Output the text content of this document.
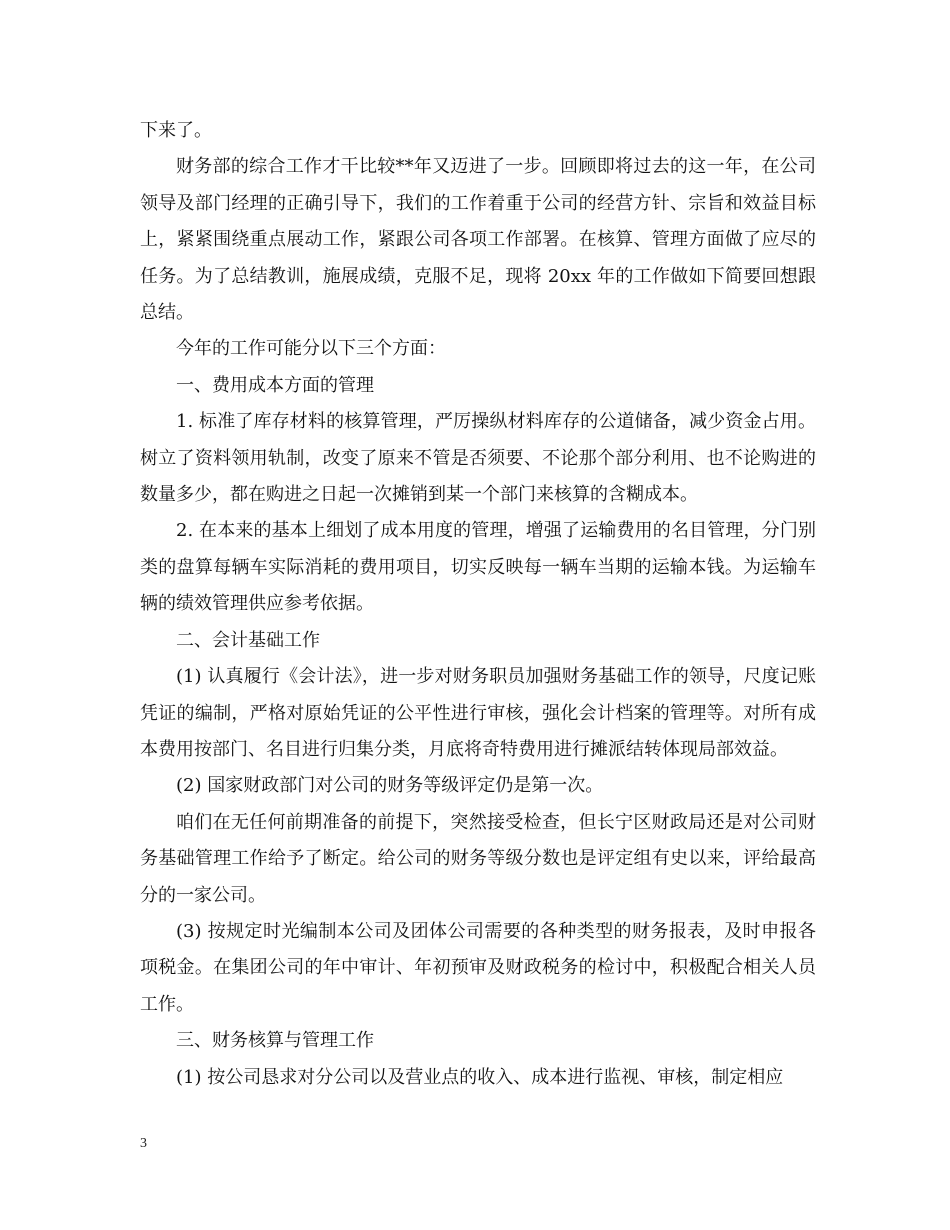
下来了。

财务部的综合工作才干比较**年又迈进了一步。回顾即将过去的这一年，在公司领导及部门经理的正确引导下，我们的工作着重于公司的经营方针、宗旨和效益目标上，紧紧围绕重点展动工作，紧跟公司各项工作部署。在核算、管理方面做了应尽的任务。为了总结教训，施展成绩，克服不足，现将 20xx 年的工作做如下简要回想跟总结。

今年的工作可能分以下三个方面：

一、费用成本方面的管理

1. 标准了库存材料的核算管理，严厉操纵材料库存的公道储备，减少资金占用。树立了资料领用轨制，改变了原来不管是否须要、不论那个部分利用、也不论购进的数量多少，都在购进之日起一次摊销到某一个部门来核算的含糊成本。

2. 在本来的基本上细划了成本用度的管理，增强了运输费用的名目管理，分门别类的盘算每辆车实际消耗的费用项目，切实反映每一辆车当期的运输本钱。为运输车辆的绩效管理供应参考依据。

二、会计基础工作

(1) 认真履行《会计法》，进一步对财务职员加强财务基础工作的领导，尺度记账凭证的编制，严格对原始凭证的公平性进行审核，强化会计档案的管理等。对所有成本费用按部门、名目进行归集分类，月底将奇特费用进行摊派结转体现局部效益。

(2) 国家财政部门对公司的财务等级评定仍是第一次。

咱们在无任何前期准备的前提下，突然接受检查，但长宁区财政局还是对公司财务基础管理工作给予了断定。给公司的财务等级分数也是评定组有史以来，评给最高分的一家公司。

(3) 按规定时光编制本公司及团体公司需要的各种类型的财务报表，及时申报各项税金。在集团公司的年中审计、年初预审及财政税务的检讨中，积极配合相关人员工作。

三、财务核算与管理工作

(1) 按公司恳求对分公司以及营业点的收入、成本进行监视、审核，制定相应

3
